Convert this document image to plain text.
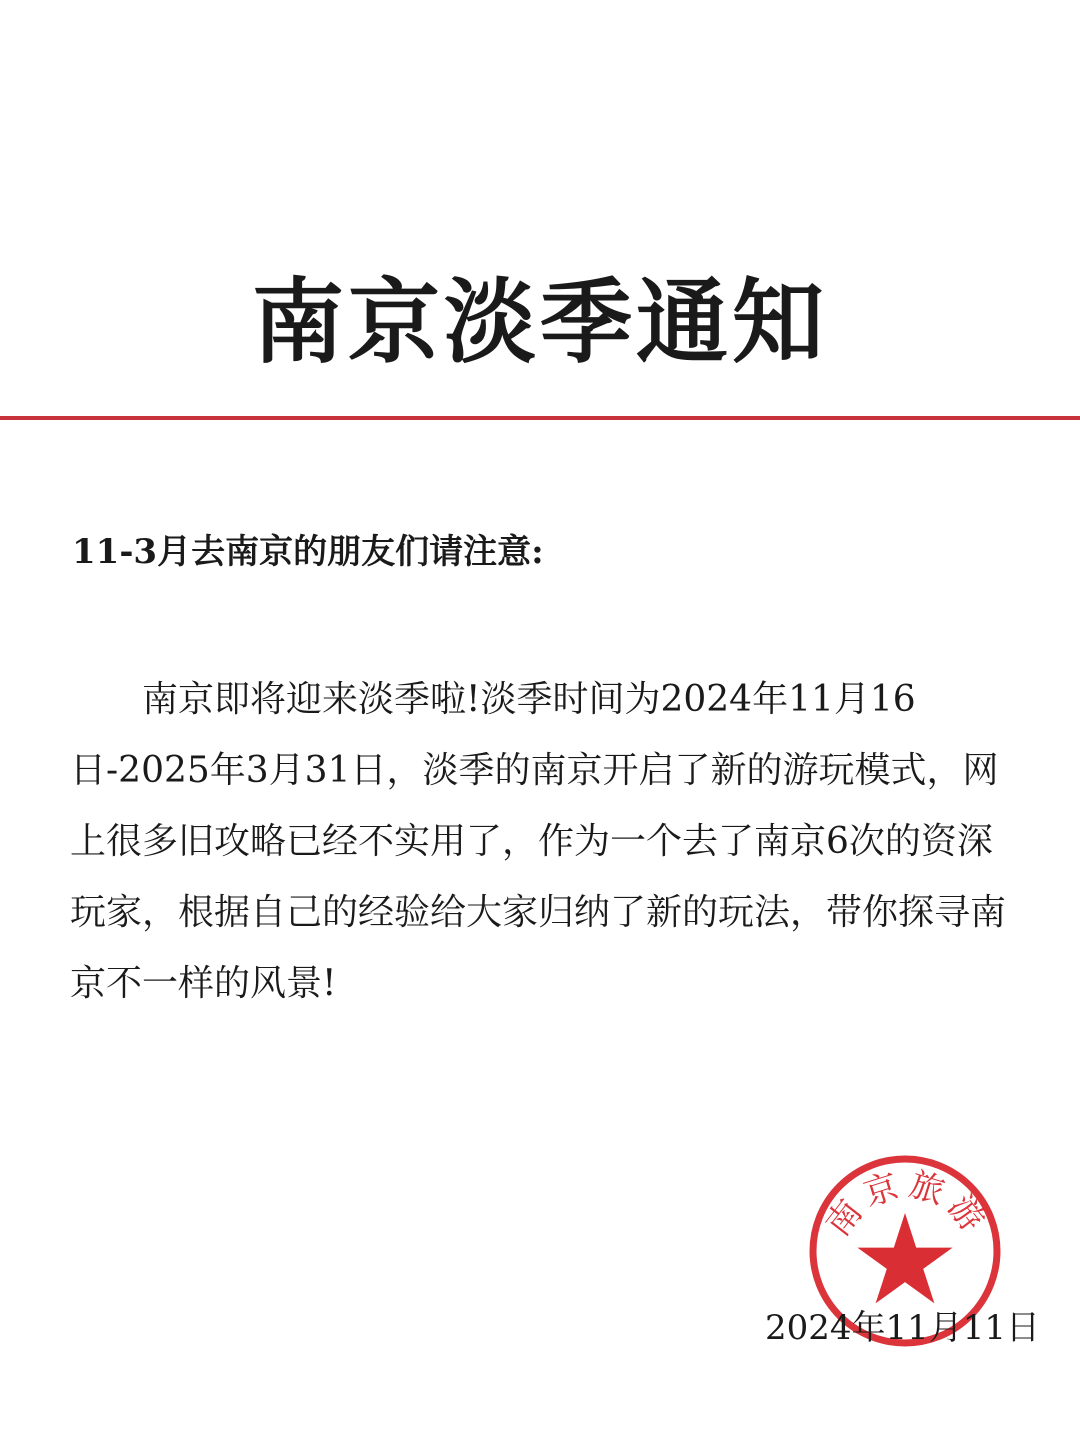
南京淡季通知

11-3月去南京的朋友们请注意:

南京即将迎来淡季啦!淡季时间为2024年11月16日-2025年3月31日，淡季的南京开启了新的游玩模式，网上很多旧攻略已经不实用了，作为一个去了南京6次的资深玩家，根据自己的经验给大家归纳了新的玩法，带你探寻南京不一样的风景!

南京旅游

2024年11月11日
